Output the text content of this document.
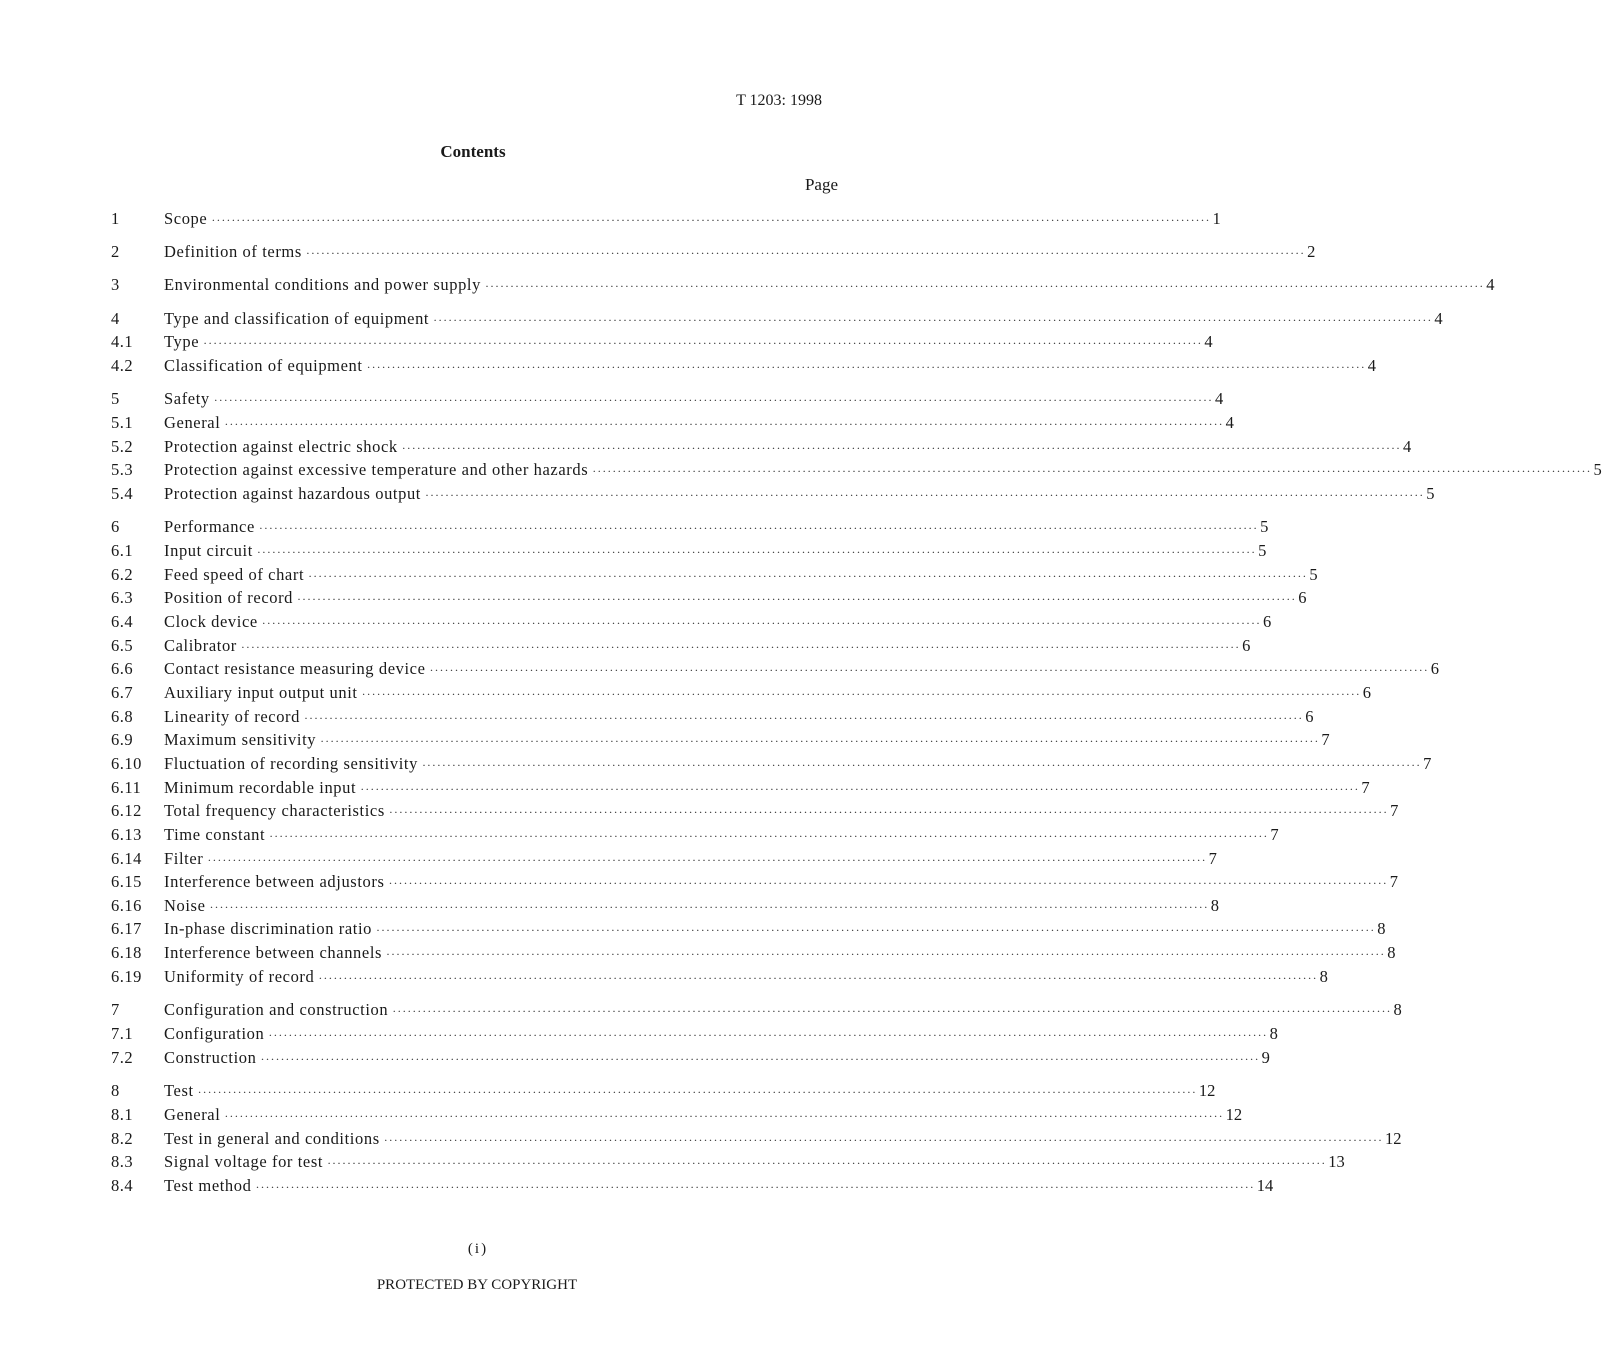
T 1203: 1998
Contents
Page
1	Scope ········································································································································································································ 1
2	Definition of terms ········································································································································································································ 2
3	Environmental conditions and power supply ········································································································································································································ 4
4	Type and classification of equipment ········································································································································································································ 4
4.1 Type ········································································································································································································ 4
4.2 Classification of equipment ········································································································································································································ 4
5	Safety ········································································································································································································ 4
5.1 General ········································································································································································································ 4
5.2 Protection against electric shock ········································································································································································································ 4
5.3 Protection against excessive temperature and other hazards ········································································································································································································ 5
5.4 Protection against hazardous output ········································································································································································································ 5
6	Performance ········································································································································································································ 5
6.1 Input circuit ········································································································································································································ 5
6.2 Feed speed of chart ········································································································································································································ 5
6.3 Position of record ········································································································································································································ 6
6.4 Clock device ········································································································································································································ 6
6.5 Calibrator ········································································································································································································ 6
6.6 Contact resistance measuring device ········································································································································································································ 6
6.7 Auxiliary input output unit ········································································································································································································ 6
6.8 Linearity of record ········································································································································································································ 6
6.9 Maximum sensitivity ········································································································································································································ 7
6.10 Fluctuation of recording sensitivity ········································································································································································································ 7
6.11 Minimum recordable input ········································································································································································································ 7
6.12 Total frequency characteristics ········································································································································································································ 7
6.13 Time constant ········································································································································································································ 7
6.14 Filter ········································································································································································································ 7
6.15 Interference between adjustors ········································································································································································································ 7
6.16 Noise ········································································································································································································ 8
6.17 In-phase discrimination ratio ········································································································································································································ 8
6.18 Interference between channels ········································································································································································································ 8
6.19 Uniformity of record ········································································································································································································ 8
7	Configuration and construction ········································································································································································································ 8
7.1 Configuration ········································································································································································································ 8
7.2 Construction ········································································································································································································ 9
8	Test ········································································································································································································ 12
8.1 General ········································································································································································································ 12
8.2 Test in general and conditions ········································································································································································································ 12
8.3 Signal voltage for test ········································································································································································································ 13
8.4 Test method ········································································································································································································ 14
(i)
PROTECTED BY COPYRIGHT
